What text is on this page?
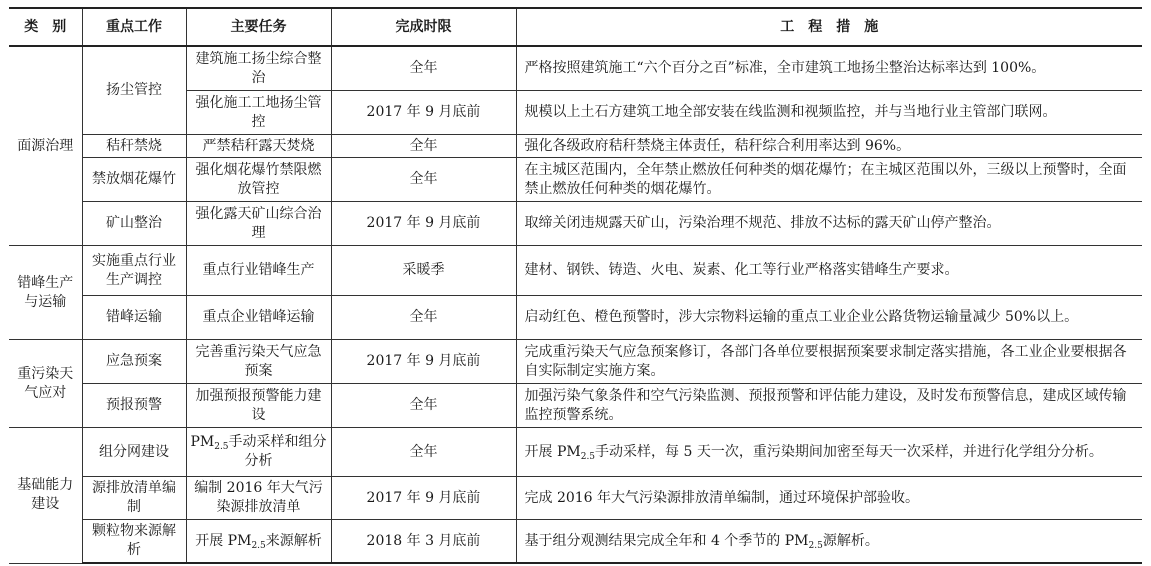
类　别	重点工作	主要任务	完成时限	工　程　措　施
面源治理	扬尘管控	建筑施工扬尘综合整治	全年	严格按照建筑施工“六个百分之百”标准，全市建筑工地扬尘整治达标率达到 100%。
		强化施工工地扬尘管控	2017 年 9 月底前	规模以上土石方建筑工地全部安装在线监测和视频监控，并与当地行业主管部门联网。
	秸秆禁烧	严禁秸秆露天焚烧	全年	强化各级政府秸秆禁烧主体责任，秸秆综合利用率达到 96%。
	禁放烟花爆竹	强化烟花爆竹禁限燃放管控	全年	在主城区范围内，全年禁止燃放任何种类的烟花爆竹；在主城区范围以外，三级以上预警时，全面禁止燃放任何种类的烟花爆竹。
	矿山整治	强化露天矿山综合治理	2017 年 9 月底前	取缔关闭违规露天矿山，污染治理不规范、排放不达标的露天矿山停产整治。
错峰生产与运输	实施重点行业生产调控	重点行业错峰生产	采暖季	建材、钢铁、铸造、火电、炭素、化工等行业严格落实错峰生产要求。
	错峰运输	重点企业错峰运输	全年	启动红色、橙色预警时，涉大宗物料运输的重点工业企业公路货物运输量减少 50%以上。
重污染天气应对	应急预案	完善重污染天气应急预案	2017 年 9 月底前	完成重污染天气应急预案修订，各部门各单位要根据预案要求制定落实措施，各工业企业要根据各自实际制定实施方案。
	预报预警	加强预报预警能力建设	全年	加强污染气象条件和空气污染监测、预报预警和评估能力建设，及时发布预警信息，建成区域传输监控预警系统。
基础能力建设	组分网建设	$PM_{2.5}$手动采样和组分分析	全年	开展 $PM_{2.5}$手动采样，每 5 天一次，重污染期间加密至每天一次采样，并进行化学组分分析。
	源排放清单编制	编制 2016 年大气污染源排放清单	2017 年 9 月底前	完成 2016 年大气污染源排放清单编制，通过环境保护部验收。
	颗粒物来源解析	开展 $PM_{2.5}$来源解析	2018 年 3 月底前	基于组分观测结果完成全年和 4 个季节的 $PM_{2.5}$源解析。
